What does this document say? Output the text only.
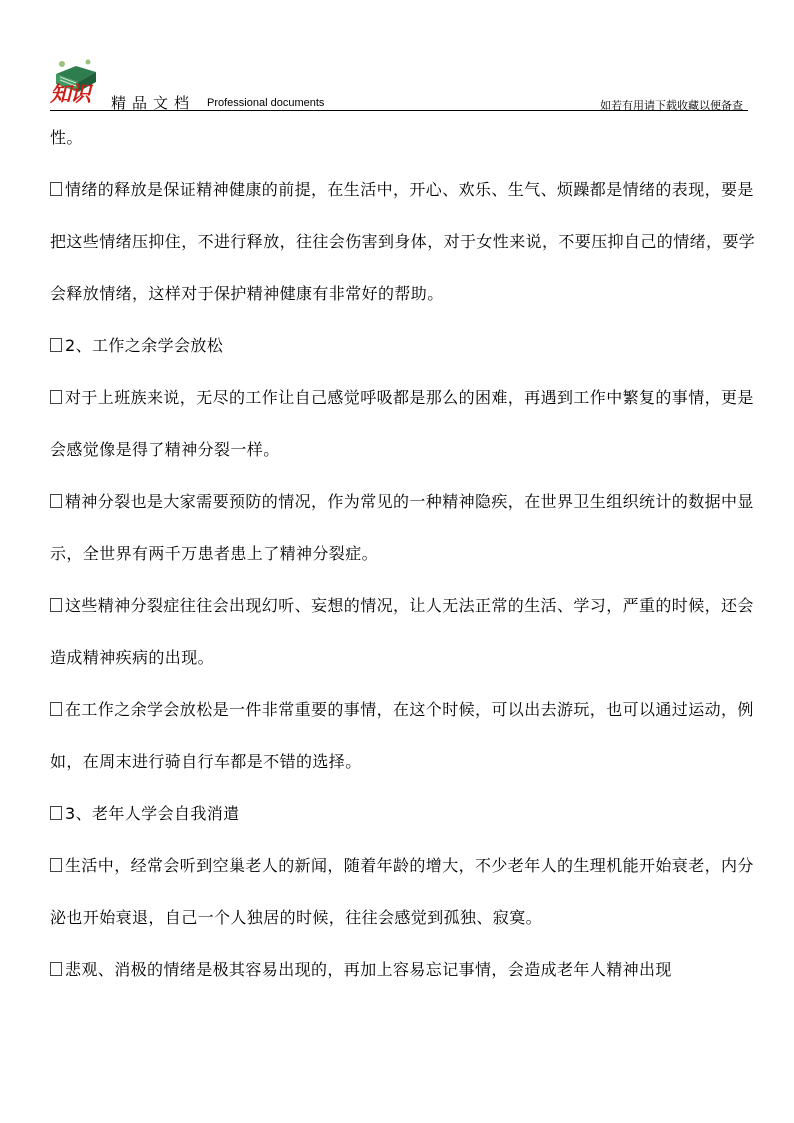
知识 精品文档 Professional documents	如若有用请下载收藏以便备查

性。

情绪的释放是保证精神健康的前提，在生活中，开心、欢乐、生气、烦躁都是情绪的表现，要是把这些情绪压抑住，不进行释放，往往会伤害到身体，对于女性来说，不要压抑自己的情绪，要学会释放情绪，这样对于保护精神健康有非常好的帮助。

2、工作之余学会放松

对于上班族来说，无尽的工作让自己感觉呼吸都是那么的困难，再遇到工作中繁复的事情，更是会感觉像是得了精神分裂一样。

精神分裂也是大家需要预防的情况，作为常见的一种精神隐疾，在世界卫生组织统计的数据中显示，全世界有两千万患者患上了精神分裂症。

这些精神分裂症往往会出现幻听、妄想的情况，让人无法正常的生活、学习，严重的时候，还会造成精神疾病的出现。

在工作之余学会放松是一件非常重要的事情，在这个时候，可以出去游玩，也可以通过运动，例如，在周末进行骑自行车都是不错的选择。

3、老年人学会自我消遣

生活中，经常会听到空巢老人的新闻，随着年龄的增大，不少老年人的生理机能开始衰老，内分泌也开始衰退，自己一个人独居的时候，往往会感觉到孤独、寂寞。

悲观、消极的情绪是极其容易出现的，再加上容易忘记事情，会造成老年人精神出现
